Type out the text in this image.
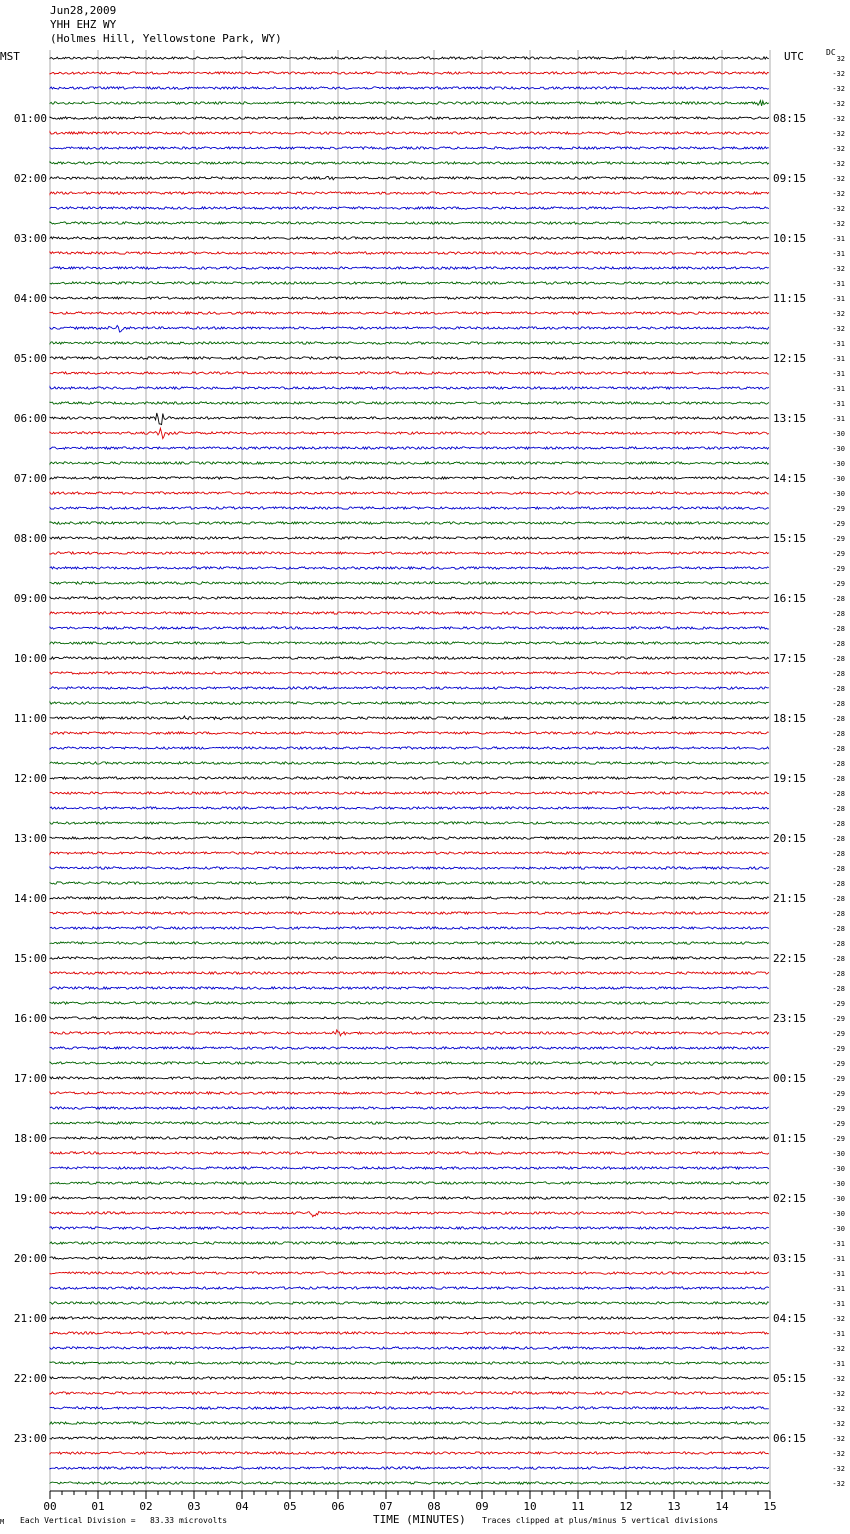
Jun28,2009
YHH EHZ WY
(Holmes Hill, Yellowstone Park, WY)
MST	UTC	DC
01:00	08:15
02:00	09:15
03:00	10:15
04:00	11:15
05:00	12:15
06:00	13:15
07:00	14:15
08:00	15:15
09:00	16:15
10:00	17:15
11:00	18:15
12:00	19:15
13:00	20:15
14:00	21:15
15:00	22:15
16:00	23:15
17:00	00:15
18:00	01:15
19:00	02:15
20:00	03:15
21:00	04:15
22:00	05:15
23:00	06:15
32
-32
-32
-32
-32
-32
-32
-32
-32
-32
-32
-32
-31
-31
-32
-31
-31
-32
-32
-31
-31
-31
-31
-31
-31
-30
-30
-30
-30
-30
-29
-29
-29
-29
-29
-29
-28
-28
-28
-28
-28
-28
-28
-28
-28
-28
-28
-28
-28
-28
-28
-28
-28
-28
-28
-28
-28
-28
-28
-28
-28
-28
-28
-29
-29
-29
-29
-29
-29
-29
-29
-29
-29
-30
-30
-30
-30
-30
-30
-31
-31
-31
-31
-31
-32
-31
-32
-31
-32
-32
-32
-32
-32
-32
-32
-32
00	01	02	03	04	05	06	07	08	09	10	11	12	13	14	15
M Each Vertical Division =   83.33 microvolts	TIME (MINUTES) Traces clipped at plus/minus 5 vertical divisions
